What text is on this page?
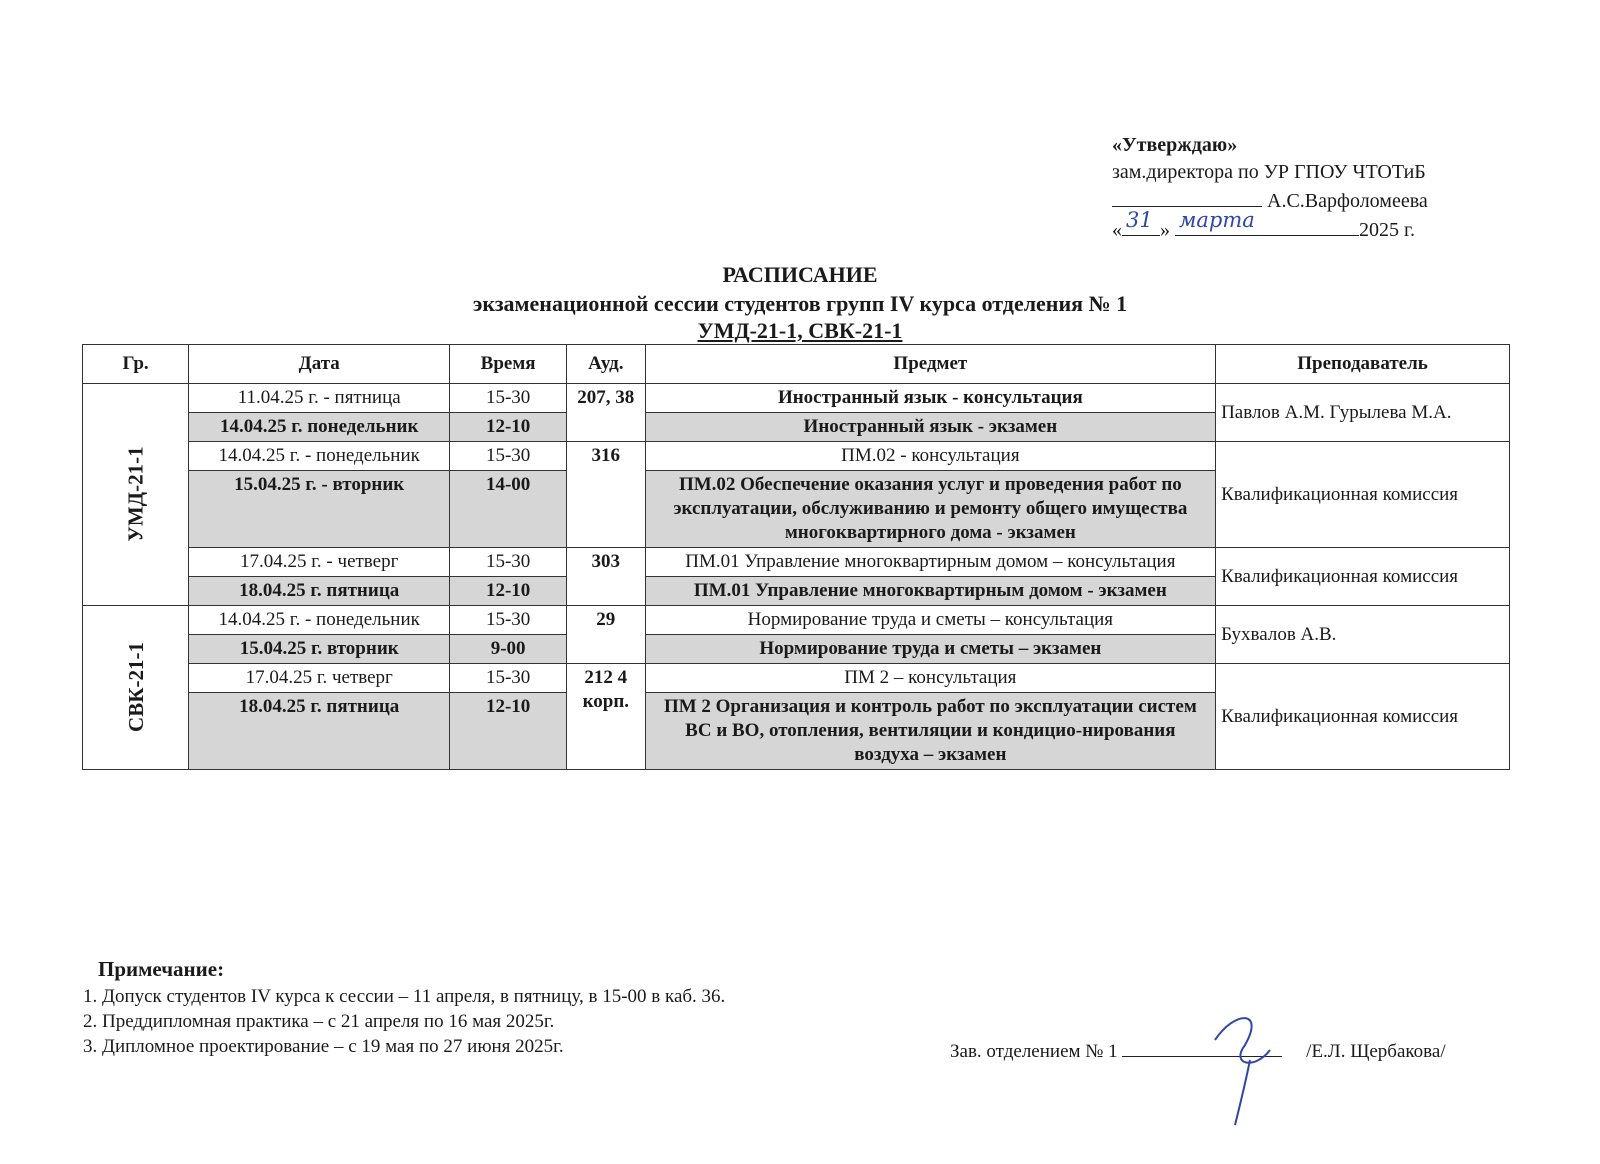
«Утверждаю»
зам.директора по УР ГПОУ ЧТОТиБ
А.С.Варфоломеева
« 31 » марта	2025 г.
РАСПИСАНИЕ
экзаменационной сессии студентов групп IV курса отделения № 1
УМД-21-1, СВК-21-1
Гр.	Дата	Время	Ауд.	Предмет	Преподаватель
УМД-21-1	11.04.25 г. - пятница	15-30	207, 38	Иностранный язык - консультация	Павлов А.М. Гурылева М.А.
	14.04.25 г. понедельник	12-10		Иностранный язык - экзамен	
	14.04.25 г. - понедельник	15-30	316	ПМ.02 - консультация	Квалификационная комиссия
	15.04.25 г. - вторник	14-00		ПМ.02 Обеспечение оказания услуг и проведения работ по эксплуатации, обслуживанию и ремонту общего имущества многоквартирного дома - экзамен	
	17.04.25 г. - четверг	15-30	303	ПМ.01 Управление многоквартирным домом – консультация	Квалификационная комиссия
	18.04.25 г. пятница	12-10		ПМ.01 Управление многоквартирным домом - экзамен	
СВК-21-1	14.04.25 г. - понедельник	15-30	29	Нормирование труда и сметы – консультация	Бухвалов А.В.
	15.04.25 г. вторник	9-00		Нормирование труда и сметы – экзамен	
	17.04.25 г. четверг	15-30	212 4 корп.	ПМ 2 – консультация	Квалификационная комиссия
	18.04.25 г. пятница	12-10		ПМ 2 Организация и контроль работ по эксплуатации систем ВС и ВО, отопления, вентиляции и кондицио-нирования воздуха – экзамен	
Примечание:
1. Допуск студентов IV курса к сессии – 11 апреля, в пятницу, в 15-00 в каб. 36.
2. Преддипломная практика – с 21 апреля по 16 мая 2025г.
3. Дипломное проектирование – с 19 мая по 27 июня 2025г.	Зав. отделением № 1	/Е.Л. Щербакова/
